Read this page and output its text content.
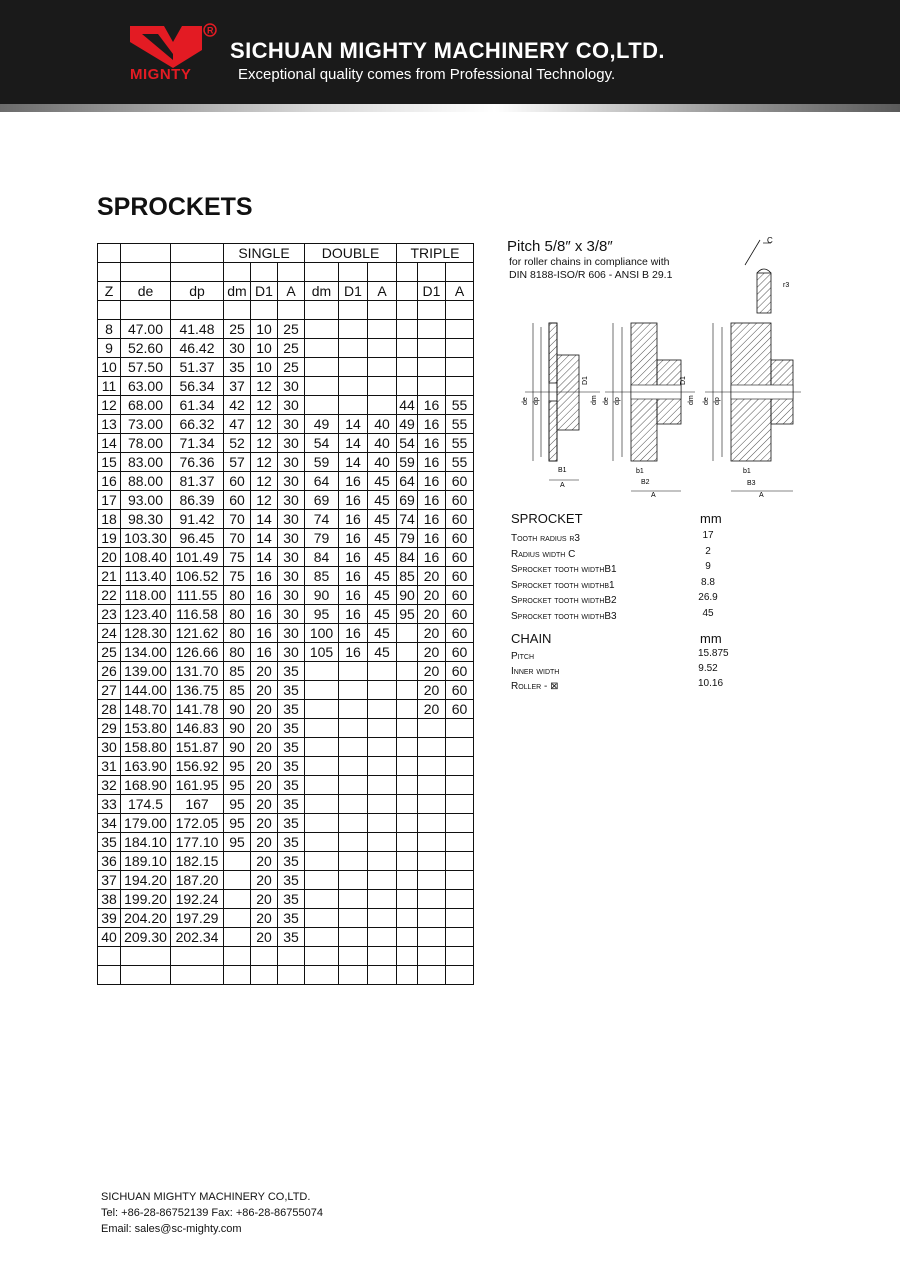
R
MIGNTY
SICHUAN MIGHTY MACHINERY CO,LTD.
Exceptional quality comes from Professional Technology.
SPROCKETS
			SINGLE			DOUBLE			TRIPLE		

Z	de	dp	dm	D1	A	dm	D1	A		D1	A

8	47.00	41.48	25	10	25						
9	52.60	46.42	30	10	25						
10	57.50	51.37	35	10	25						
11	63.00	56.34	37	12	30						
12	68.00	61.34	42	12	30				44	16	55
13	73.00	66.32	47	12	30	49	14	40	49	16	55
14	78.00	71.34	52	12	30	54	14	40	54	16	55
15	83.00	76.36	57	12	30	59	14	40	59	16	55
16	88.00	81.37	60	12	30	64	16	45	64	16	60
17	93.00	86.39	60	12	30	69	16	45	69	16	60
18	98.30	91.42	70	14	30	74	16	45	74	16	60
19	103.30	96.45	70	14	30	79	16	45	79	16	60
20	108.40	101.49	75	14	30	84	16	45	84	16	60
21	113.40	106.52	75	16	30	85	16	45	85	20	60
22	118.00	111.55	80	16	30	90	16	45	90	20	60
23	123.40	116.58	80	16	30	95	16	45	95	20	60
24	128.30	121.62	80	16	30	100	16	45		20	60
25	134.00	126.66	80	16	30	105	16	45		20	60
26	139.00	131.70	85	20	35					20	60
27	144.00	136.75	85	20	35					20	60
28	148.70	141.78	90	20	35					20	60
29	153.80	146.83	90	20	35						
30	158.80	151.87	90	20	35						
31	163.90	156.92	95	20	35						
32	168.90	161.95	95	20	35						
33	174.5	167	95	20	35						
34	179.00	172.05	95	20	35						
35	184.10	177.10	95	20	35						
36	189.10	182.15		20	35						
37	194.20	187.20		20	35						
38	199.20	192.24		20	35						
39	204.20	197.29		20	35						
40	209.30	202.34		20	35						

Pitch 5/8″ x 3/8″
for roller chains in compliance with
DIN 8188-ISO/R 606 - ANSI B 29.1
C
r3
de dp	dm
D1
B1
A
de dp	dm
D1
b1
B2
A
de dp
b1
B3
A
SPROCKET	mm
Tooth radius r3	17
Radius width C	2
Sprocket tooth widthB1	9
Sprocket tooth widthb1	8.8
Sprocket tooth widthB2	26.9
Sprocket tooth widthB3	45
CHAIN	mm
Pitch	15.875
Inner width	9.52
Roller - ⊠	10.16
SICHUAN MIGHTY MACHINERY CO,LTD.
Tel: +86-28-86752139 Fax: +86-28-86755074
Email: sales@sc-mighty.com
